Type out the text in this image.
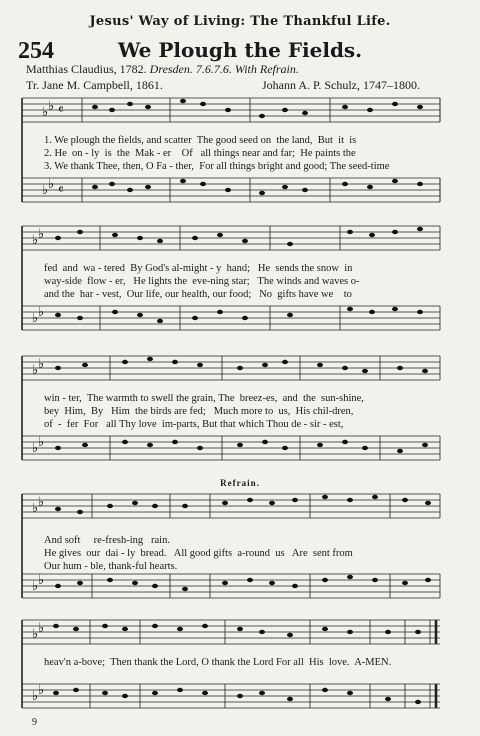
Jesus' Way of Living: The Thankful Life.
254	We Plough the Fields.
Matthias Claudius, 1782. Dresden. 7.6.7.6. With Refrain.
Tr. Jane M. Campbell, 1861.	Johann A. P. Schulz, 1747–1800.
♭ ♭ 𝄴
♭ ♭ 𝄴
1. We plough the fields, and scatter  The good seed on  the land,  But  it  is
2. He  on - ly  is  the  Mak - er    Of   all things near and far;  He paints the
3. We thank Thee, then, O Fa - ther,  For all things bright and good; The seed-time
♭ ♭
♭ ♭
fed  and  wa - tered  By God's al-might - y  hand;   He  sends the snow  in
way-side  flow - er,   He lights the  eve-ning star;   The winds and waves o-
and the  har - vest,  Our life, our health, our food;   No  gifts have we    to
♭ ♭
♭ ♭
win - ter,  The warmth to swell the grain, The  breez-es,  and  the  sun-shine,
bey  Him,  By   Him  the birds are fed;   Much more to  us,  His chil-dren,
of  -  fer  For   all Thy love  im-parts, But that which Thou de - sir - est,
Refrain.
♭ ♭
♭ ♭
And soft     re-fresh-ing   rain.
He gives  our  dai - ly  bread.   All good gifts  a-round  us   Are  sent from
Our hum - ble, thank-ful hearts.
♭ ♭
♭ ♭
heav'n a-bove;  Then thank the Lord, O thank the Lord For all  His  love.  A-MEN.
9
